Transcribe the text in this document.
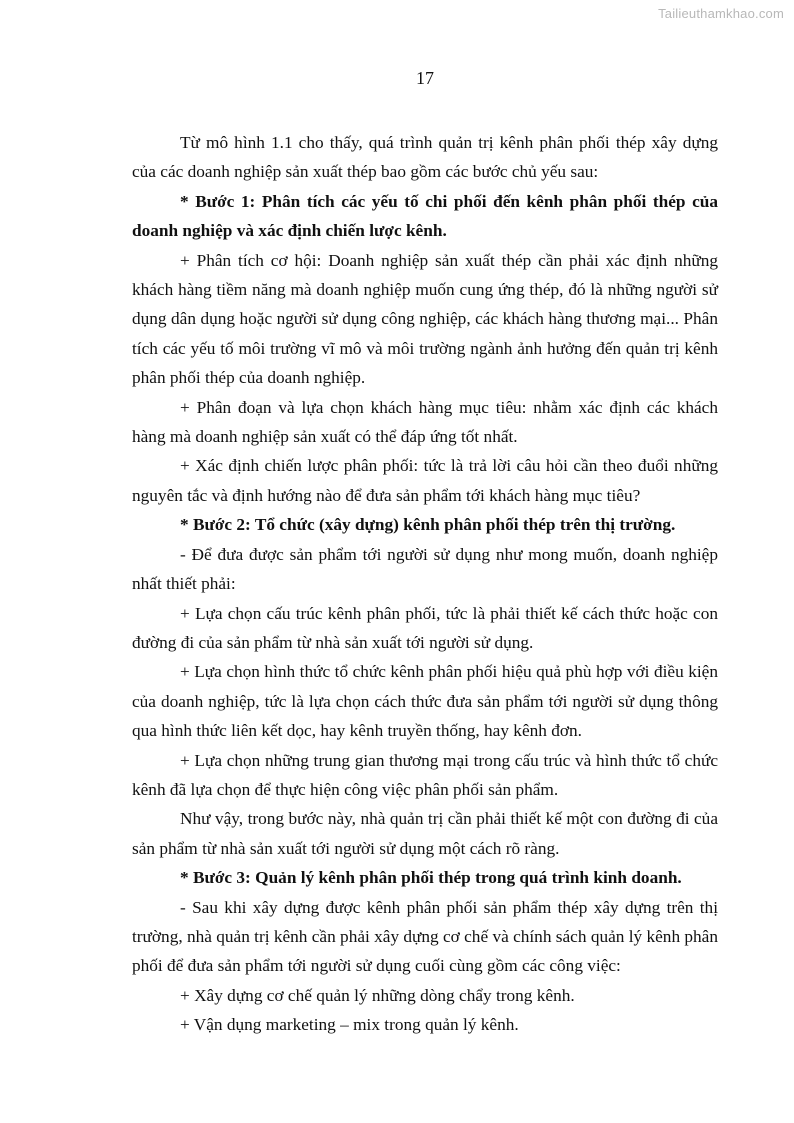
Tailieuthamkhao.com
17

Từ mô hình 1.1 cho thấy, quá trình quản trị kênh phân phối thép xây dựng của các doanh nghiệp sản xuất thép bao gồm các bước chủ yếu sau:

* Bước 1: Phân tích các yếu tố chi phối đến kênh phân phối thép của doanh nghiệp và xác định chiến lược kênh.

+ Phân tích cơ hội: Doanh nghiệp sản xuất thép cần phải xác định những khách hàng tiềm năng mà doanh nghiệp muốn cung ứng thép, đó là những người sử dụng dân dụng hoặc người sử dụng công nghiệp, các khách hàng thương mại... Phân tích các yếu tố môi trường vĩ mô và môi trường ngành ảnh hưởng đến quản trị kênh phân phối thép của doanh nghiệp.

+ Phân đoạn và lựa chọn khách hàng mục tiêu: nhằm xác định các khách hàng mà doanh nghiệp sản xuất có thể đáp ứng tốt nhất.

+ Xác định chiến lược phân phối: tức là trả lời câu hỏi cần theo đuổi những nguyên tắc và định hướng nào để đưa sản phẩm tới khách hàng mục tiêu?

* Bước 2: Tổ chức (xây dựng) kênh phân phối thép trên thị trường.

- Để đưa được sản phẩm tới người sử dụng như mong muốn, doanh nghiệp nhất thiết phải:

+ Lựa chọn cấu trúc kênh phân phối, tức là phải thiết kế cách thức hoặc con đường đi của sản phẩm từ nhà sản xuất tới người sử dụng.

+ Lựa chọn hình thức tổ chức kênh phân phối hiệu quả phù hợp với điều kiện của doanh nghiệp, tức là lựa chọn cách thức đưa sản phẩm tới người sử dụng thông qua hình thức liên kết dọc, hay kênh truyền thống, hay kênh đơn.

+ Lựa chọn những trung gian thương mại trong cấu trúc và hình thức tổ chức kênh đã lựa chọn để thực hiện công việc phân phối sản phẩm.

Như vậy, trong bước này, nhà quản trị cần phải thiết kế một con đường đi của sản phẩm từ nhà sản xuất tới người sử dụng một cách rõ ràng.

* Bước 3: Quản lý kênh phân phối thép trong quá trình kinh doanh.

- Sau khi xây dựng được kênh phân phối sản phẩm thép xây dựng trên thị trường, nhà quản trị kênh cần phải xây dựng cơ chế và chính sách quản lý kênh phân phối để đưa sản phẩm tới người sử dụng cuối cùng gồm các công việc:

+ Xây dựng cơ chế quản lý những dòng chẩy trong kênh.

+ Vận dụng marketing – mix trong quản lý kênh.
